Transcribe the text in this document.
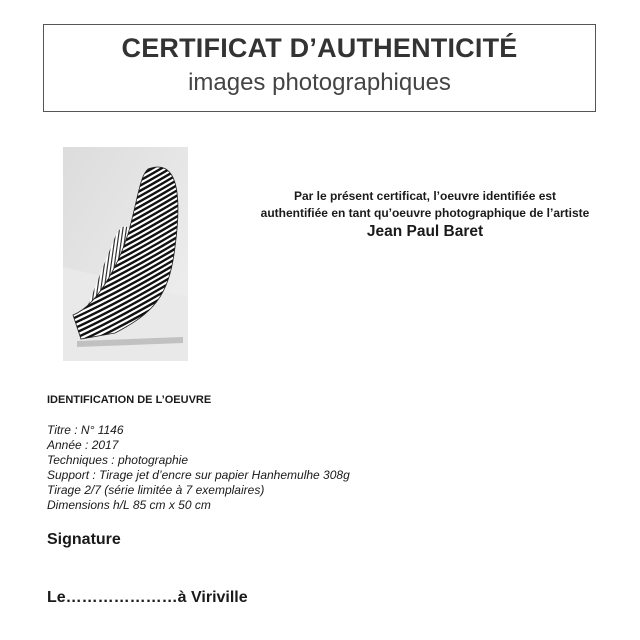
CERTIFICAT D’AUTHENTICITÉ
images photographiques
Par le présent certificat, l’oeuvre identifiée est
authentifiée en tant qu’oeuvre photographique de l’artiste
Jean Paul Baret
IDENTIFICATION DE L’OEUVRE
Titre : N° 1146
Année : 2017
Techniques : photographie
Support : Tirage jet d’encre sur papier Hanhemulhe 308g
Tirage 2/7 (série limitée à 7 exemplaires)
Dimensions h/L 85 cm x 50 cm
Signature
Le…………………à Viriville
